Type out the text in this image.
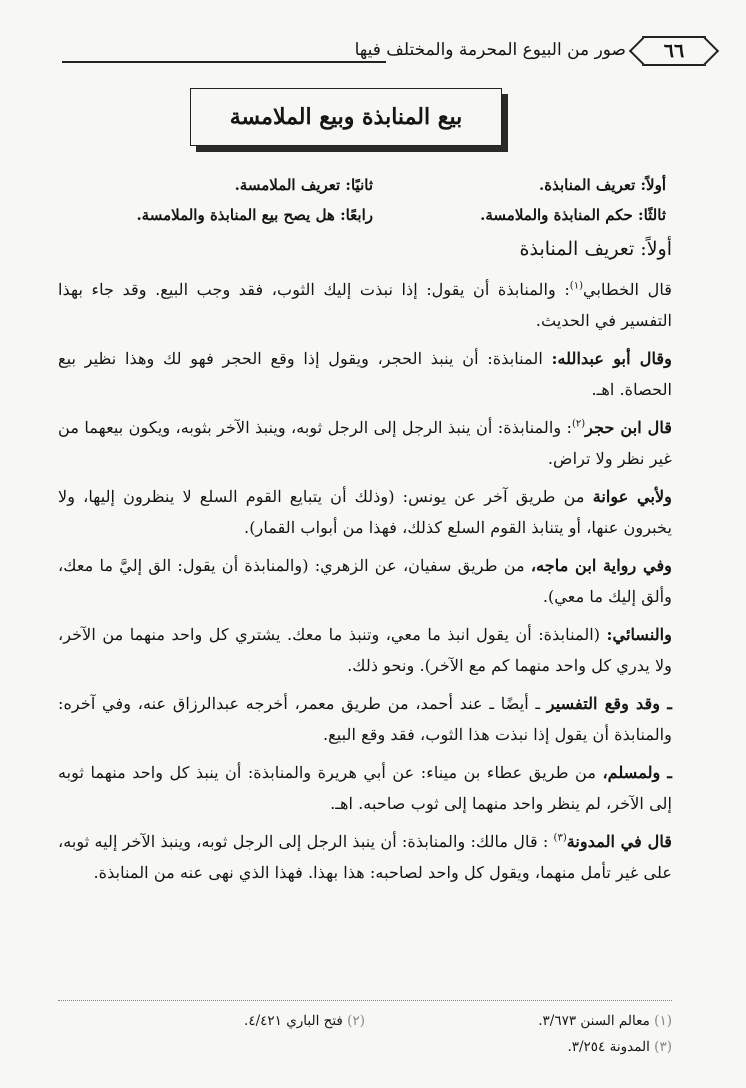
٦٦
صور من البيوع المحرمة والمختلف فيها
بيع المنابذة وبيع الملامسة
أولاً: تعريف المنابذة.
ثانيًا: تعريف الملامسة.
ثالثًا: حكم المنابذة والملامسة.
رابعًا: هل يصح بيع المنابذة والملامسة.
أولاً: تعريف المنابذة

قال الخطابي$^{(١)}$: والمنابذة أن يقول: إذا نبذت إليك الثوب، فقد وجب البيع. وقد جاء بهذا التفسير في الحديث.

وقال أبو عبدالله: المنابذة: أن ينبذ الحجر، ويقول إذا وقع الحجر فهو لك وهذا نظير بيع الحصاة. اهـ.

قال ابن حجر$^{(٢)}$: والمنابذة: أن ينبذ الرجل إلى الرجل ثوبه، وينبذ الآخر بثوبه، ويكون بيعهما من غير نظر ولا تراض.

ولأبي عوانة من طريق آخر عن يونس: (وذلك أن يتبايع القوم السلع لا ينظرون إليها، ولا يخبرون عنها، أو يتنابذ القوم السلع كذلك، فهذا من أبواب القمار).

وفي رواية ابن ماجه، من طريق سفيان، عن الزهري: (والمنابذة أن يقول: الق إليَّ ما معك، وألق إليك ما معي).

والنسائي: (المنابذة: أن يقول انبذ ما معي، وتنبذ ما معك. يشتري كل واحد منهما من الآخر، ولا يدري كل واحد منهما كم مع الآخر). ونحو ذلك.

ـ وقد وقع التفسير ـ أيضًا ـ عند أحمد، من طريق معمر، أخرجه عبدالرزاق عنه، وفي آخره: والمنابذة أن يقول إذا نبذت هذا الثوب، فقد وقع البيع.

ـ ولمسلم، من طريق عطاء بن ميناء: عن أبي هريرة والمنابذة: أن ينبذ كل واحد منهما ثوبه إلى الآخر، لم ينظر واحد منهما إلى ثوب صاحبه. اهـ.

قال في المدونة$^{(٣)}$ : قال مالك: والمنابذة: أن ينبذ الرجل إلى الرجل ثوبه، وينبذ الآخر إليه ثوبه، على غير تأمل منهما، ويقول كل واحد لصاحبه: هذا بهذا. فهذا الذي نهى عنه من المنابذة.

(١) معالم السنن ٣/٦٧٣.
(٢) فتح الباري ٤/٤٢١.
(٣) المدونة ٣/٢٥٤.
